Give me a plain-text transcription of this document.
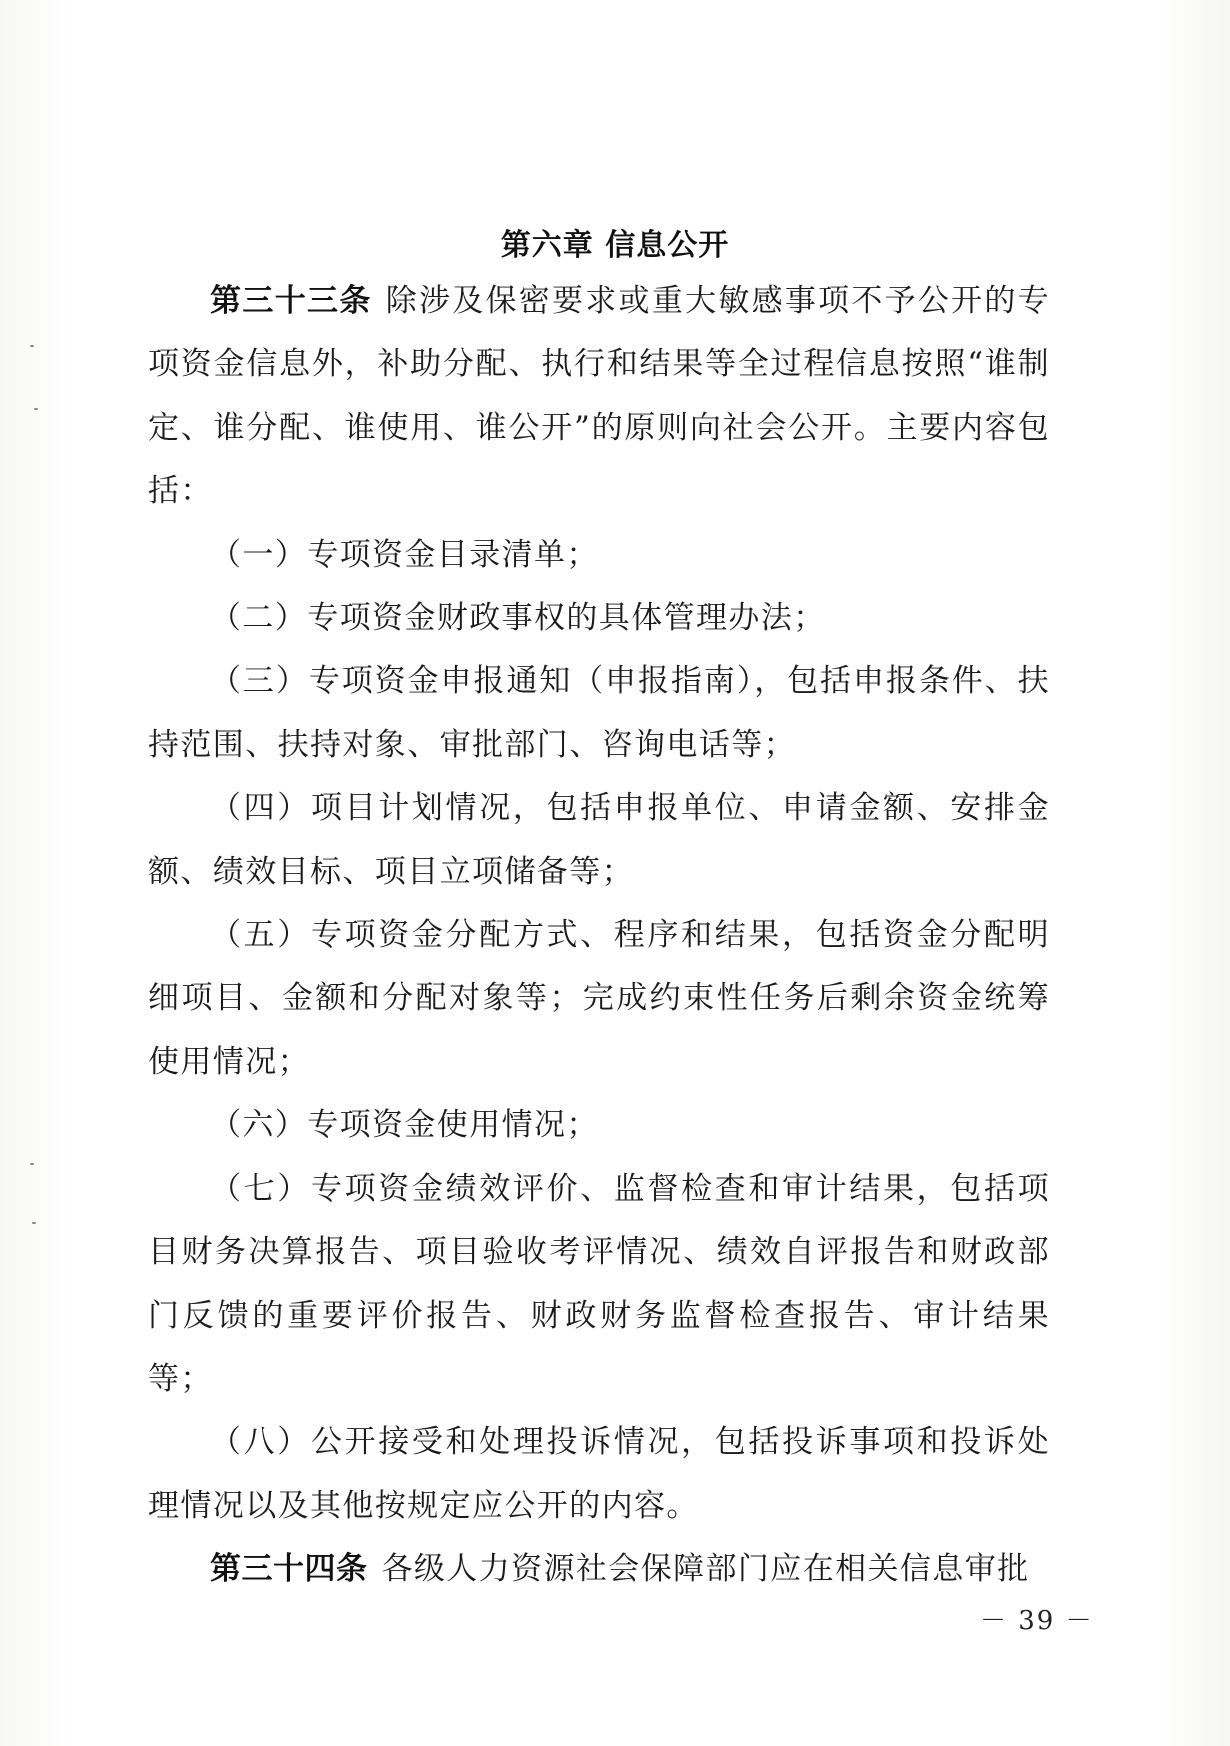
第六章 信息公开

第三十三条 除涉及保密要求或重大敏感事项不予公开的专项资金信息外，补助分配、执行和结果等全过程信息按照“谁制定、谁分配、谁使用、谁公开”的原则向社会公开。主要内容包括：

（一）专项资金目录清单；

（二）专项资金财政事权的具体管理办法；

（三）专项资金申报通知（申报指南），包括申报条件、扶持范围、扶持对象、审批部门、咨询电话等；

（四）项目计划情况，包括申报单位、申请金额、安排金额、绩效目标、项目立项储备等；

（五）专项资金分配方式、程序和结果，包括资金分配明细项目、金额和分配对象等；完成约束性任务后剩余资金统筹使用情况；

（六）专项资金使用情况；

（七）专项资金绩效评价、监督检查和审计结果，包括项目财务决算报告、项目验收考评情况、绩效自评报告和财政部门反馈的重要评价报告、财政财务监督检查报告、审计结果等；

（八）公开接受和处理投诉情况，包括投诉事项和投诉处理情况以及其他按规定应公开的内容。

第三十四条 各级人力资源社会保障部门应在相关信息审批

－ 39 －
